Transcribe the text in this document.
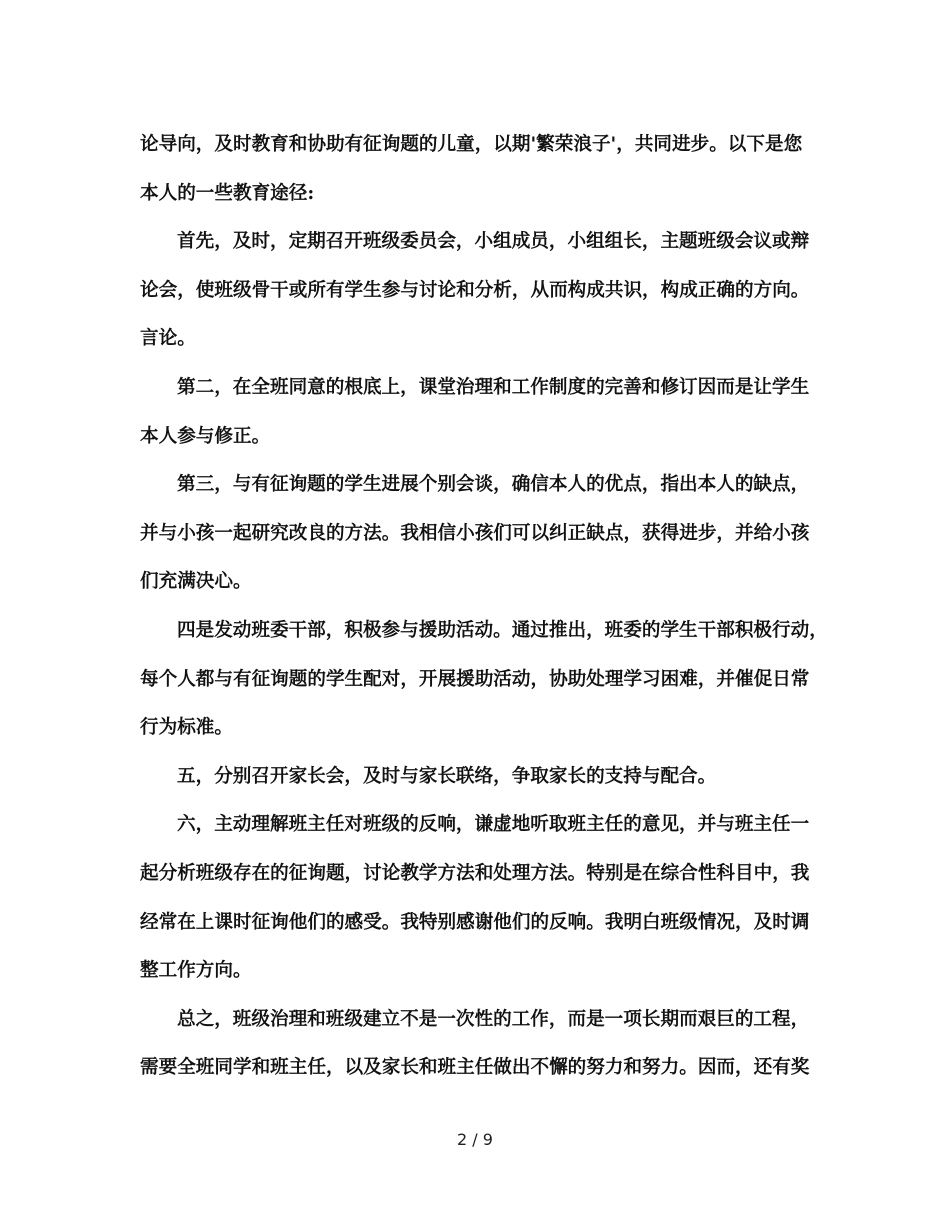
论导向，及时教育和协助有征询题的儿童，以期'繁荣浪子'，共同进步。以下是您
本人的一些教育途径:
首先，及时，定期召开班级委员会，小组成员，小组组长，主题班级会议或辩
论会，使班级骨干或所有学生参与讨论和分析，从而构成共识，构成正确的方向。
言论。
第二，在全班同意的根底上，课堂治理和工作制度的完善和修订因而是让学生
本人参与修正。
第三，与有征询题的学生进展个别会谈，确信本人的优点，指出本人的缺点，
并与小孩一起研究改良的方法。我相信小孩们可以纠正缺点，获得进步，并给小孩
们充满决心。
四是发动班委干部，积极参与援助活动。通过推出，班委的学生干部积极行动，
每个人都与有征询题的学生配对，开展援助活动，协助处理学习困难，并催促日常
行为标准。
五，分别召开家长会，及时与家长联络，争取家长的支持与配合。
六，主动理解班主任对班级的反响，谦虚地听取班主任的意见，并与班主任一
起分析班级存在的征询题，讨论教学方法和处理方法。特别是在综合性科目中，我
经常在上课时征询他们的感受。我特别感谢他们的反响。我明白班级情况，及时调
整工作方向。
总之，班级治理和班级建立不是一次性的工作，而是一项长期而艰巨的工程，
需要全班同学和班主任，以及家长和班主任做出不懈的努力和努力。因而，还有奖
2 / 9
